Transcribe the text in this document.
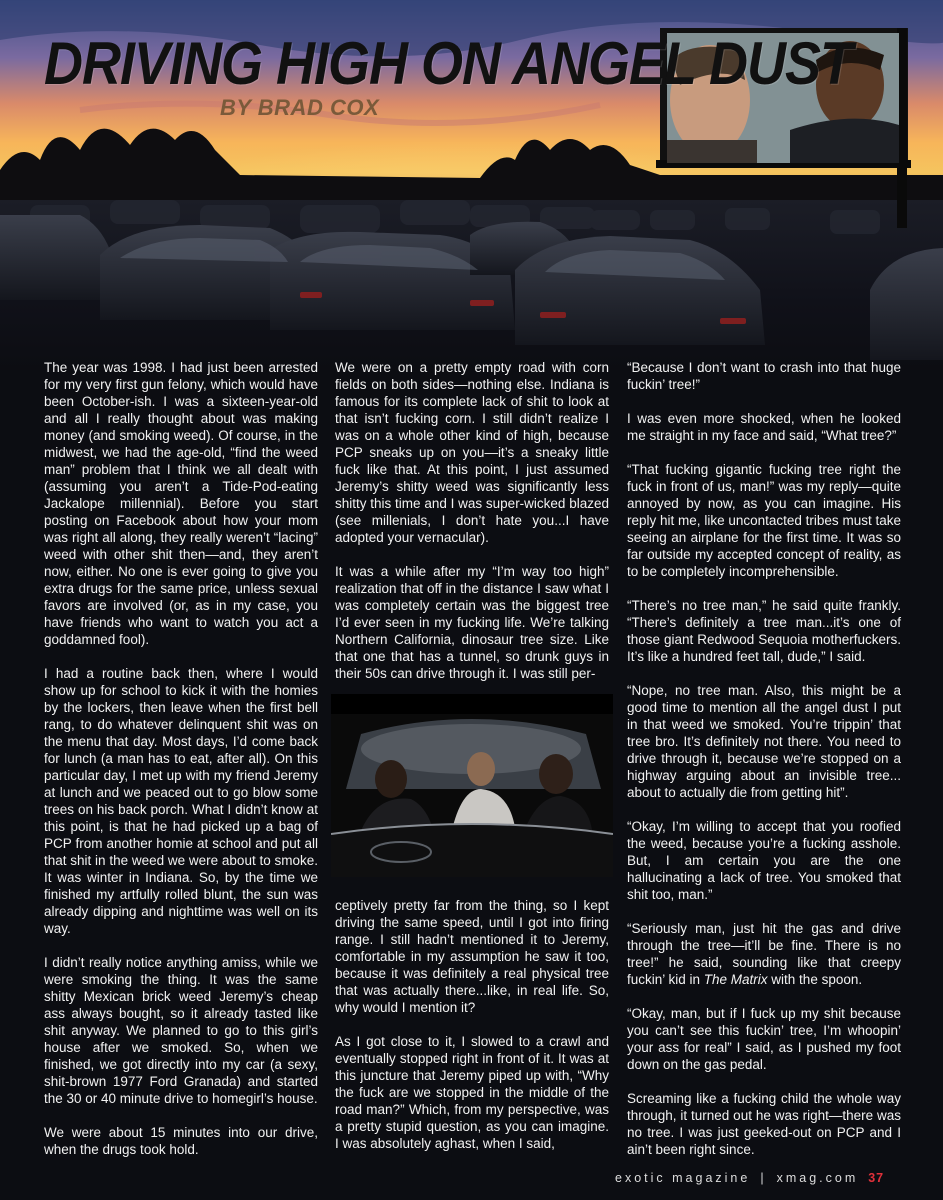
DRIVING HIGH ON ANGEL DUST

BY BRAD COX

The year was 1998. I had just been arrested for my very first gun felony, which would have been October-ish. I was a sixteen-year-old and all I really thought about was making money (and smoking weed). Of course, in the midwest, we had the age-old, “find the weed man” problem that I think we all dealt with (assuming you aren’t a Tide-Pod-eating Jackalope millennial). Before you start posting on Facebook about how your mom was right all along, they really weren’t “lacing” weed with other shit then—and, they aren’t now, either. No one is ever going to give you extra drugs for the same price, unless sexual favors are involved (or, as in my case, you have friends who want to watch you act a goddamned fool).

I had a routine back then, where I would show up for school to kick it with the homies by the lockers, then leave when the first bell rang, to do whatever delinquent shit was on the menu that day. Most days, I’d come back for lunch (a man has to eat, after all). On this particular day, I met up with my friend Jeremy at lunch and we peaced out to go blow some trees on his back porch. What I didn’t know at this point, is that he had picked up a bag of PCP from another homie at school and put all that shit in the weed we were about to smoke. It was winter in Indiana. So, by the time we finished my artfully rolled blunt, the sun was already dipping and nighttime was well on its way.

I didn’t really notice anything amiss, while we were smoking the thing. It was the same shitty Mexican brick weed Jeremy’s cheap ass always bought, so it already tasted like shit anyway. We planned to go to this girl’s house after we smoked. So, when we finished, we got directly into my car (a sexy, shit-brown 1977 Ford Granada) and started the 30 or 40 minute drive to homegirl’s house.

We were about 15 minutes into our drive, when the drugs took hold.

We were on a pretty empty road with corn fields on both sides—nothing else. Indiana is famous for its complete lack of shit to look at that isn’t fucking corn. I still didn’t realize I was on a whole other kind of high, because PCP sneaks up on you—it’s a sneaky little fuck like that. At this point, I just assumed Jeremy’s shitty weed was significantly less shitty this time and I was super-wicked blazed (see millenials, I don’t hate you...I have adopted your vernacular).

It was a while after my “I’m way too high” realization that off in the distance I saw what I was completely certain was the biggest tree I’d ever seen in my fucking life. We’re talking Northern California, dinosaur tree size. Like that one that has a tunnel, so drunk guys in their 50s can drive through it. I was still per-

ceptively pretty far from the thing, so I kept driving the same speed, until I got into firing range. I still hadn’t mentioned it to Jeremy, comfortable in my assumption he saw it too, because it was definitely a real physical tree that was actually there...like, in real life. So, why would I mention it?

As I got close to it, I slowed to a crawl and eventually stopped right in front of it. It was at this juncture that Jeremy piped up with, “Why the fuck are we stopped in the middle of the road man?” Which, from my perspective, was a pretty stupid question, as you can imagine. I was absolutely aghast, when I said,

“Because I don’t want to crash into that huge fuckin’ tree!”

I was even more shocked, when he looked me straight in my face and said, “What tree?”

“That fucking gigantic fucking tree right the fuck in front of us, man!” was my reply—quite annoyed by now, as you can imagine. His reply hit me, like uncontacted tribes must take seeing an airplane for the first time. It was so far outside my accepted concept of reality, as to be completely incomprehensible.

“There’s no tree man,” he said quite frankly. “There’s definitely a tree man...it’s one of those giant Redwood Sequoia motherfuckers. It’s like a hundred feet tall, dude,” I said.

“Nope, no tree man. Also, this might be a good time to mention all the angel dust I put in that weed we smoked. You’re trippin’ that tree bro. It’s definitely not there. You need to drive through it, because we’re stopped on a highway arguing about an invisible tree... about to actually die from getting hit”.

“Okay, I’m willing to accept that you roofied the weed, because you’re a fucking asshole. But, I am certain you are the one hallucinating a lack of tree. You smoked that shit too, man.”

“Seriously man, just hit the gas and drive through the tree—it’ll be fine. There is no tree!” he said, sounding like that creepy fuckin’ kid in The Matrix with the spoon.

“Okay, man, but if I fuck up my shit because you can’t see this fuckin’ tree, I’m whoopin’ your ass for real” I said, as I pushed my foot down on the gas pedal.

Screaming like a fucking child the whole way through, it turned out he was right—there was no tree. I was just geeked-out on PCP and I ain’t been right since.

exotic magazine | xmag.com 37
